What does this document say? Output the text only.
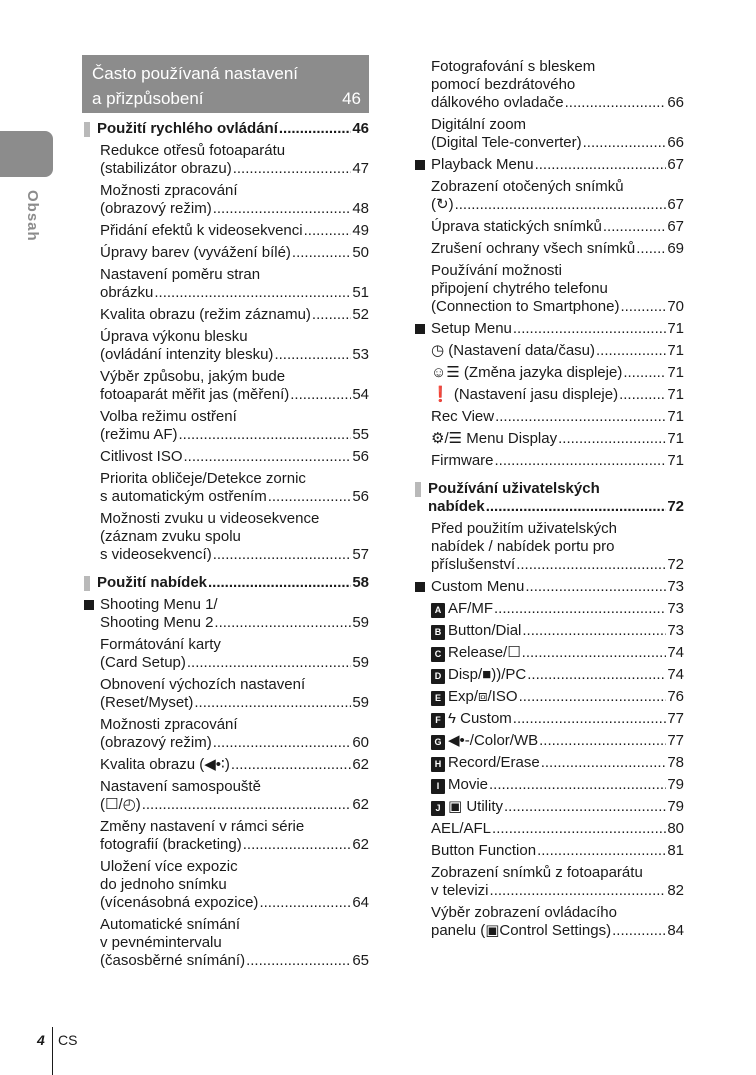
Obsah
Často používaná nastavení
a přizpůsobení	46
Použití rychlého ovládání .....	46
Redukce otřesů fotoaparátu
(stabilizátor obrazu) .....	47
Možnosti zpracování
(obrazový režim) .....	48
Přidání efektů k videosekvenci .....	49
Úpravy barev (vyvážení bílé) .....	50
Nastavení poměru stran
obrázku .....	51
Kvalita obrazu (režim záznamu) .....	52
Úprava výkonu blesku
(ovládání intenzity blesku) .....	53
Výběr způsobu, jakým bude
fotoaparát měřit jas (měření) .....	54
Volba režimu ostření
(režimu AF) .....	55
Citlivost ISO .....	56
Priorita obličeje/Detekce zornic
s automatickým ostřením .....	56
Možnosti zvuku u videosekvence
(záznam zvuku spolu
s videosekvencí) .....	57
Použití nabídek .....	58
Shooting Menu 1/
Shooting Menu 2 .....	59
Formátování karty
(Card Setup) .....	59
Obnovení výchozích nastavení
(Reset/Myset) .....	59
Možnosti zpracování
(obrazový režim) .....	60
Kvalita obrazu (◀•∶) .....	62
Nastavení samospouště
(☐/◴) .....	62
Změny nastavení v rámci série
fotografií (bracketing) .....	62
Uložení více expozic
do jednoho snímku
(vícenásobná expozice) .....	64
Automatické snímání
v pevnémintervalu
(časosběrné snímání) .....	65
Fotografování s bleskem
pomocí bezdrátového
dálkového ovladače .....	66
Digitální zoom
(Digital Tele-converter) .....	66
Playback Menu .....	67
Zobrazení otočených snímků
(↻) .....	67
Úprava statických snímků .....	67
Zrušení ochrany všech snímků ..... 69
Používání možnosti
připojení chytrého telefonu
(Connection to Smartphone) .....	70
Setup Menu .....	71
◷ (Nastavení data/času) .....	71
☺☰ (Změna jazyka displeje) .....	71
❗ (Nastavení jasu displeje) .....	71
Rec View .....	71
⚙/☰ Menu Display .....	71
Firmware .....	71
Používání uživatelských
nabídek .....	72
Před použitím uživatelských
nabídek / nabídek portu pro
příslušenství .....	72
Custom Menu .....	73
A AF/MF .....	73
B Button/Dial .....	73
C Release/☐ .....	74
D Disp/■))/PC .....	74
E Exp/⧈/ISO .....	76
F ϟ Custom .....	77
G ◀•-/Color/WB .....	77
H Record/Erase .....	78
I Movie .....	79
J ▣ Utility .....	79
AEL/AFL .....	80
Button Function .....	81
Zobrazení snímků z fotoaparátu
v televizi .....	82
Výběr zobrazení ovládacího
panelu (▣Control Settings) .....	84
4 CS
